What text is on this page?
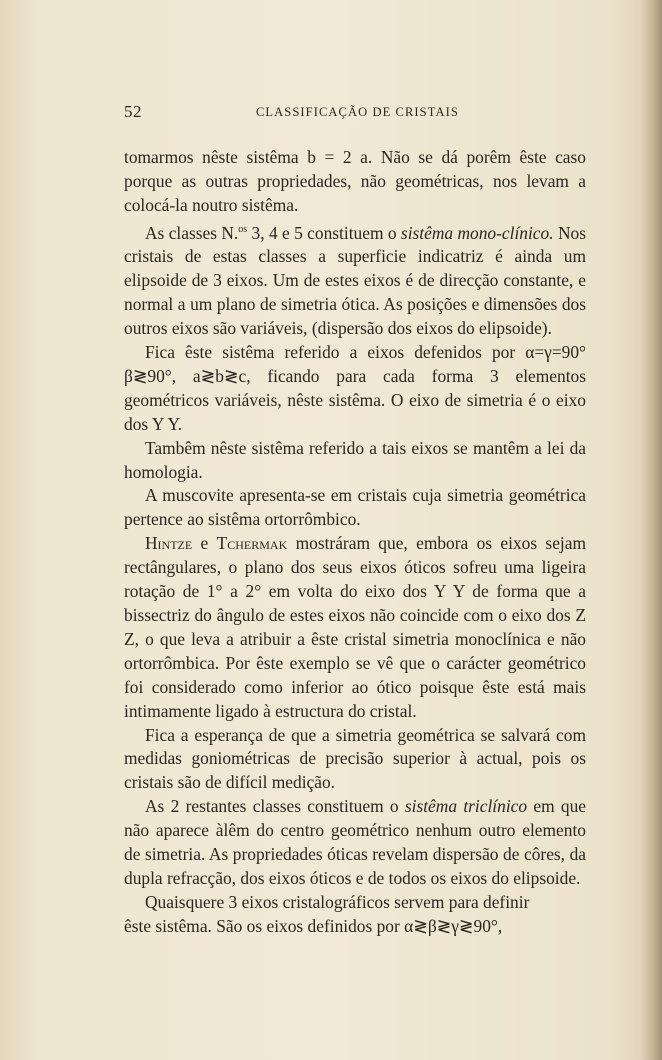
52	CLASSIFICAÇÃO DE CRISTAIS

tomarmos nêste sistêma b = 2 a. Não se dá porêm êste caso porque as outras propriedades, não geométricas, nos levam a colocá-la noutro sistêma.

As classes N.$^{os}$ 3, 4 e 5 constituem o sistêma mono-clínico. Nos cristais de estas classes a superficie indicatriz é ainda um elipsoide de 3 eixos. Um de estes eixos é de direcção constante, e normal a um plano de simetria ótica. As posições e dimensões dos outros eixos são variáveis, (dispersão dos eixos do elipsoide).

Fica êste sistêma referido a eixos defenidos por α=γ=90° β≷90°, a≷b≷c, ficando para cada forma 3 elementos geométricos variáveis, nêste sistêma. O eixo de simetria é o eixo dos Y Y.

Tambêm nêste sistêma referido a tais eixos se mantêm a lei da homologia.

A muscovite apresenta-se em cristais cuja simetria geométrica pertence ao sistêma ortorrômbico.

Hintze e Tchermak mostráram que, embora os eixos sejam rectângulares, o plano dos seus eixos óticos sofreu uma ligeira rotação de 1° a 2° em volta do eixo dos Y Y de forma que a bissectriz do ângulo de estes eixos não coincide com o eixo dos Z Z, o que leva a atribuir a êste cristal simetria monoclínica e não ortorrômbica. Por êste exemplo se vê que o carácter geométrico foi considerado como inferior ao ótico poisque êste está mais intimamente ligado à estructura do cristal.

Fica a esperança de que a simetria geométrica se salvará com medidas goniométricas de precisão superior à actual, pois os cristais são de difícil medição.

As 2 restantes classes constituem o sistêma triclínico em que não aparece àlêm do centro geométrico nenhum outro elemento de simetria. As propriedades óticas revelam dispersão de côres, da dupla refracção, dos eixos óticos e de todos os eixos do elipsoide.

Quaisquere 3 eixos cristalográficos servem para definir
êste sistêma. São os eixos definidos por α≷β≷γ≷90°,
